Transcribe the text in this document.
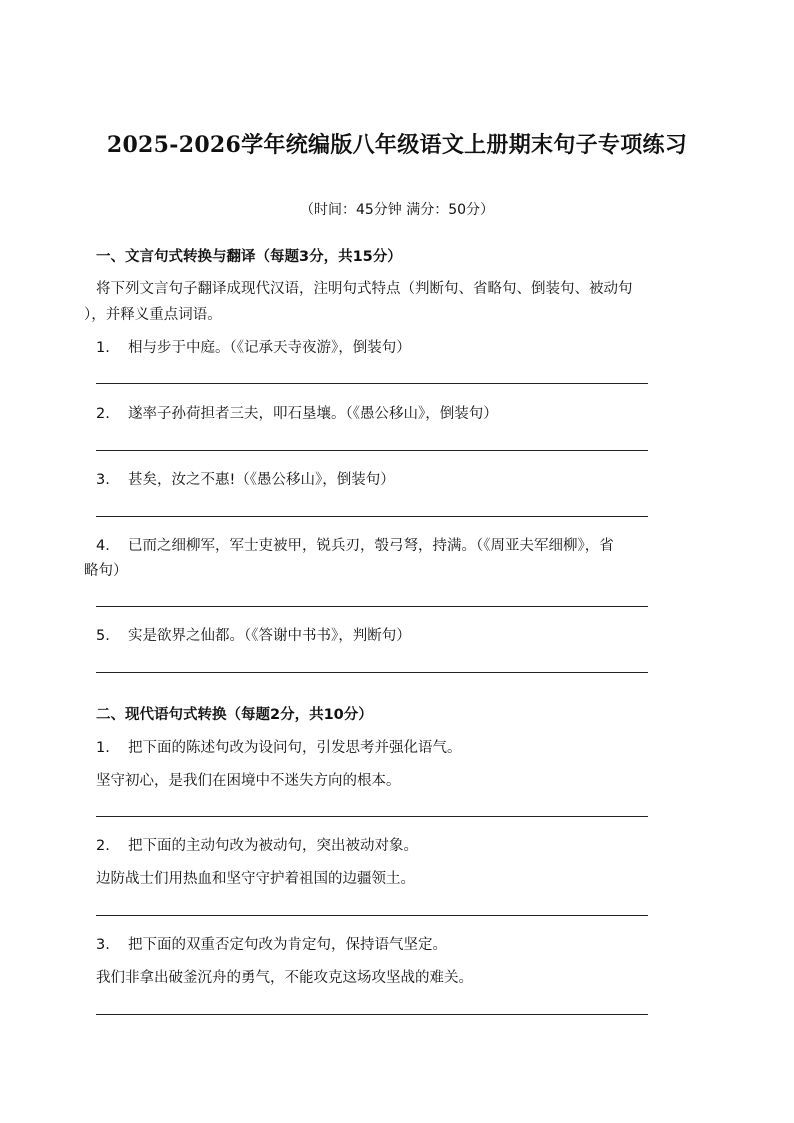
2025-2026学年统编版八年级语文上册期末句子专项练习
（时间：45分钟 满分：50分）
一、文言句式转换与翻译（每题3分，共15分）
将下列文言句子翻译成现代汉语，注明句式特点（判断句、省略句、倒装句、被动句
），并释义重点词语。
1. 相与步于中庭。（《记承天寺夜游》，倒装句）
2. 遂率子孙荷担者三夫，叩石垦壤。（《愚公移山》，倒装句）
3. 甚矣，汝之不惠!（《愚公移山》，倒装句）
4. 已而之细柳军，军士吏被甲，锐兵刃，彀弓弩，持满。（《周亚夫军细柳》，省
略句）
5. 实是欲界之仙都。（《答谢中书书》，判断句）
二、现代语句式转换（每题2分，共10分）
1. 把下面的陈述句改为设问句，引发思考并强化语气。
坚守初心，是我们在困境中不迷失方向的根本。
2. 把下面的主动句改为被动句，突出被动对象。
边防战士们用热血和坚守守护着祖国的边疆领土。
3. 把下面的双重否定句改为肯定句，保持语气坚定。
我们非拿出破釜沉舟的勇气，不能攻克这场攻坚战的难关。
